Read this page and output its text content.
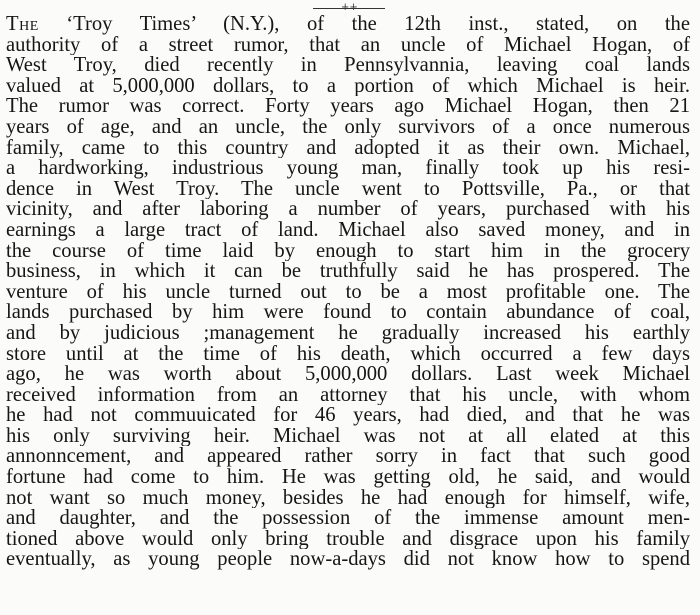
++
The ‘Troy Times’ (N.Y.), of the 12th inst., stated, on the
authority of a street rumor, that an uncle of Michael Hogan, of
West Troy, died recently in Pennsylvannia, leaving coal lands
valued at 5,000,000 dollars, to a portion of which Michael is heir.
The rumor was correct. Forty years ago Michael Hogan, then 21
years of age, and an uncle, the only survivors of a once numerous
family, came to this country and adopted it as their own. Michael,
a hardworking, industrious young man, finally took up his resi-
dence in West Troy. The uncle went to Pottsville, Pa., or that
vicinity, and after laboring a number of years, purchased with his
earnings a large tract of land. Michael also saved money, and in
the course of time laid by enough to start him in the grocery
business, in which it can be truthfully said he has prospered. The
venture of his uncle turned out to be a most profitable one. The
lands purchased by him were found to contain abundance of coal,
and by judicious ;management he gradually increased his earthly
store until at the time of his death, which occurred a few days
ago, he was worth about 5,000,000 dollars. Last week Michael
received information from an attorney that his uncle, with whom
he had not commuuicated for 46 years, had died, and that he was
his only surviving heir. Michael was not at all elated at this
annonncement, and appeared rather sorry in fact that such good
fortune had come to him. He was getting old, he said, and would
not want so much money, besides he had enough for himself, wife,
and daughter, and the possession of the immense amount men-
tioned above would only bring trouble and disgrace upon his family
eventually, as young people now-a-days did not know how to spend
